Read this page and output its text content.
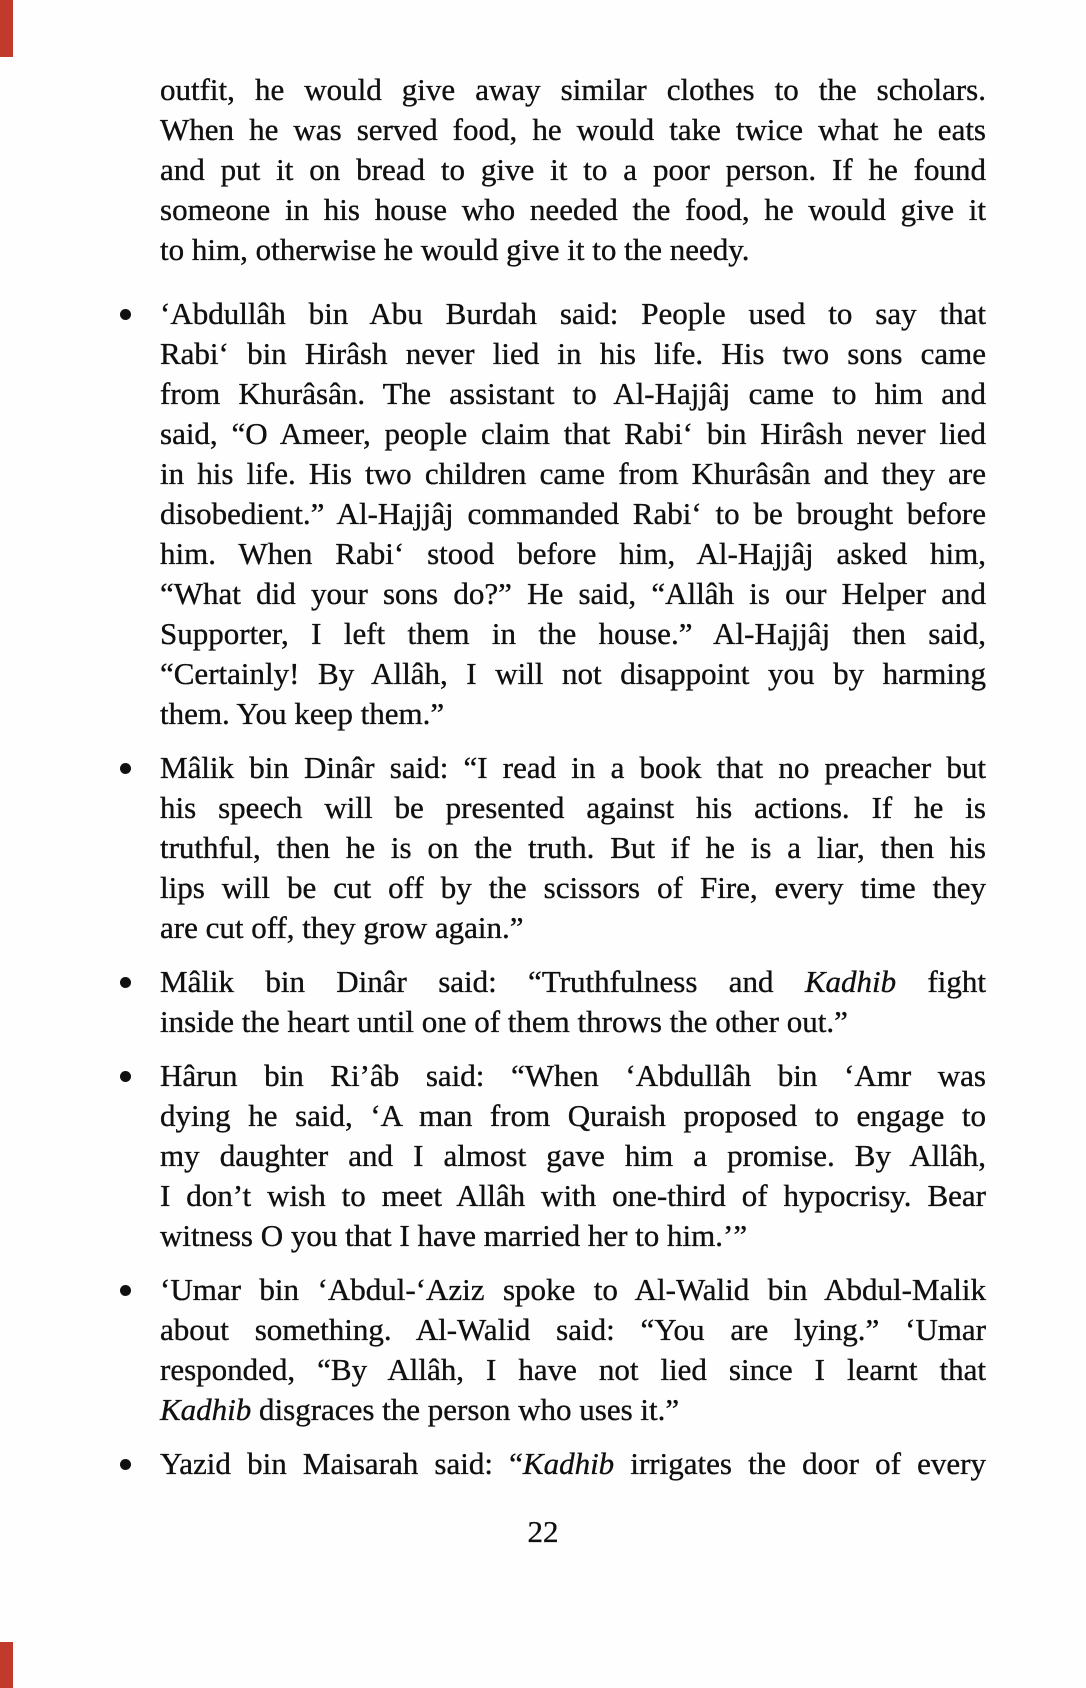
outfit, he would give away similar clothes to the scholars.
When he was served food, he would take twice what he eats
and put it on bread to give it to a poor person. If he found
someone in his house who needed the food, he would give it
to him, otherwise he would give it to the needy.
‘Abdullâh bin Abu Burdah said: People used to say that
Rabi‘ bin Hirâsh never lied in his life. His two sons came
from Khurâsân. The assistant to Al-Hajjâj came to him and
said, “O Ameer, people claim that Rabi‘ bin Hirâsh never lied
in his life. His two children came from Khurâsân and they are
disobedient.” Al-Hajjâj commanded Rabi‘ to be brought before
him. When Rabi‘ stood before him, Al-Hajjâj asked him,
“What did your sons do?” He said, “Allâh is our Helper and
Supporter, I left them in the house.” Al-Hajjâj then said,
“Certainly! By Allâh, I will not disappoint you by harming
them. You keep them.”
Mâlik bin Dinâr said: “I read in a book that no preacher but
his speech will be presented against his actions. If he is
truthful, then he is on the truth. But if he is a liar, then his
lips will be cut off by the scissors of Fire, every time they
are cut off, they grow again.”
Mâlik bin Dinâr said: “Truthfulness and Kadhib fight
inside the heart until one of them throws the other out.”
Hârun bin Ri’âb said: “When ‘Abdullâh bin ‘Amr was
dying he said, ‘A man from Quraish proposed to engage to
my daughter and I almost gave him a promise. By Allâh,
I don’t wish to meet Allâh with one-third of hypocrisy. Bear
witness O you that I have married her to him.’”
‘Umar bin ‘Abdul-‘Aziz spoke to Al-Walid bin Abdul-Malik
about something. Al-Walid said: “You are lying.” ‘Umar
responded, “By Allâh, I have not lied since I learnt that
Kadhib disgraces the person who uses it.”
Yazid bin Maisarah said: “Kadhib irrigates the door of every
22
